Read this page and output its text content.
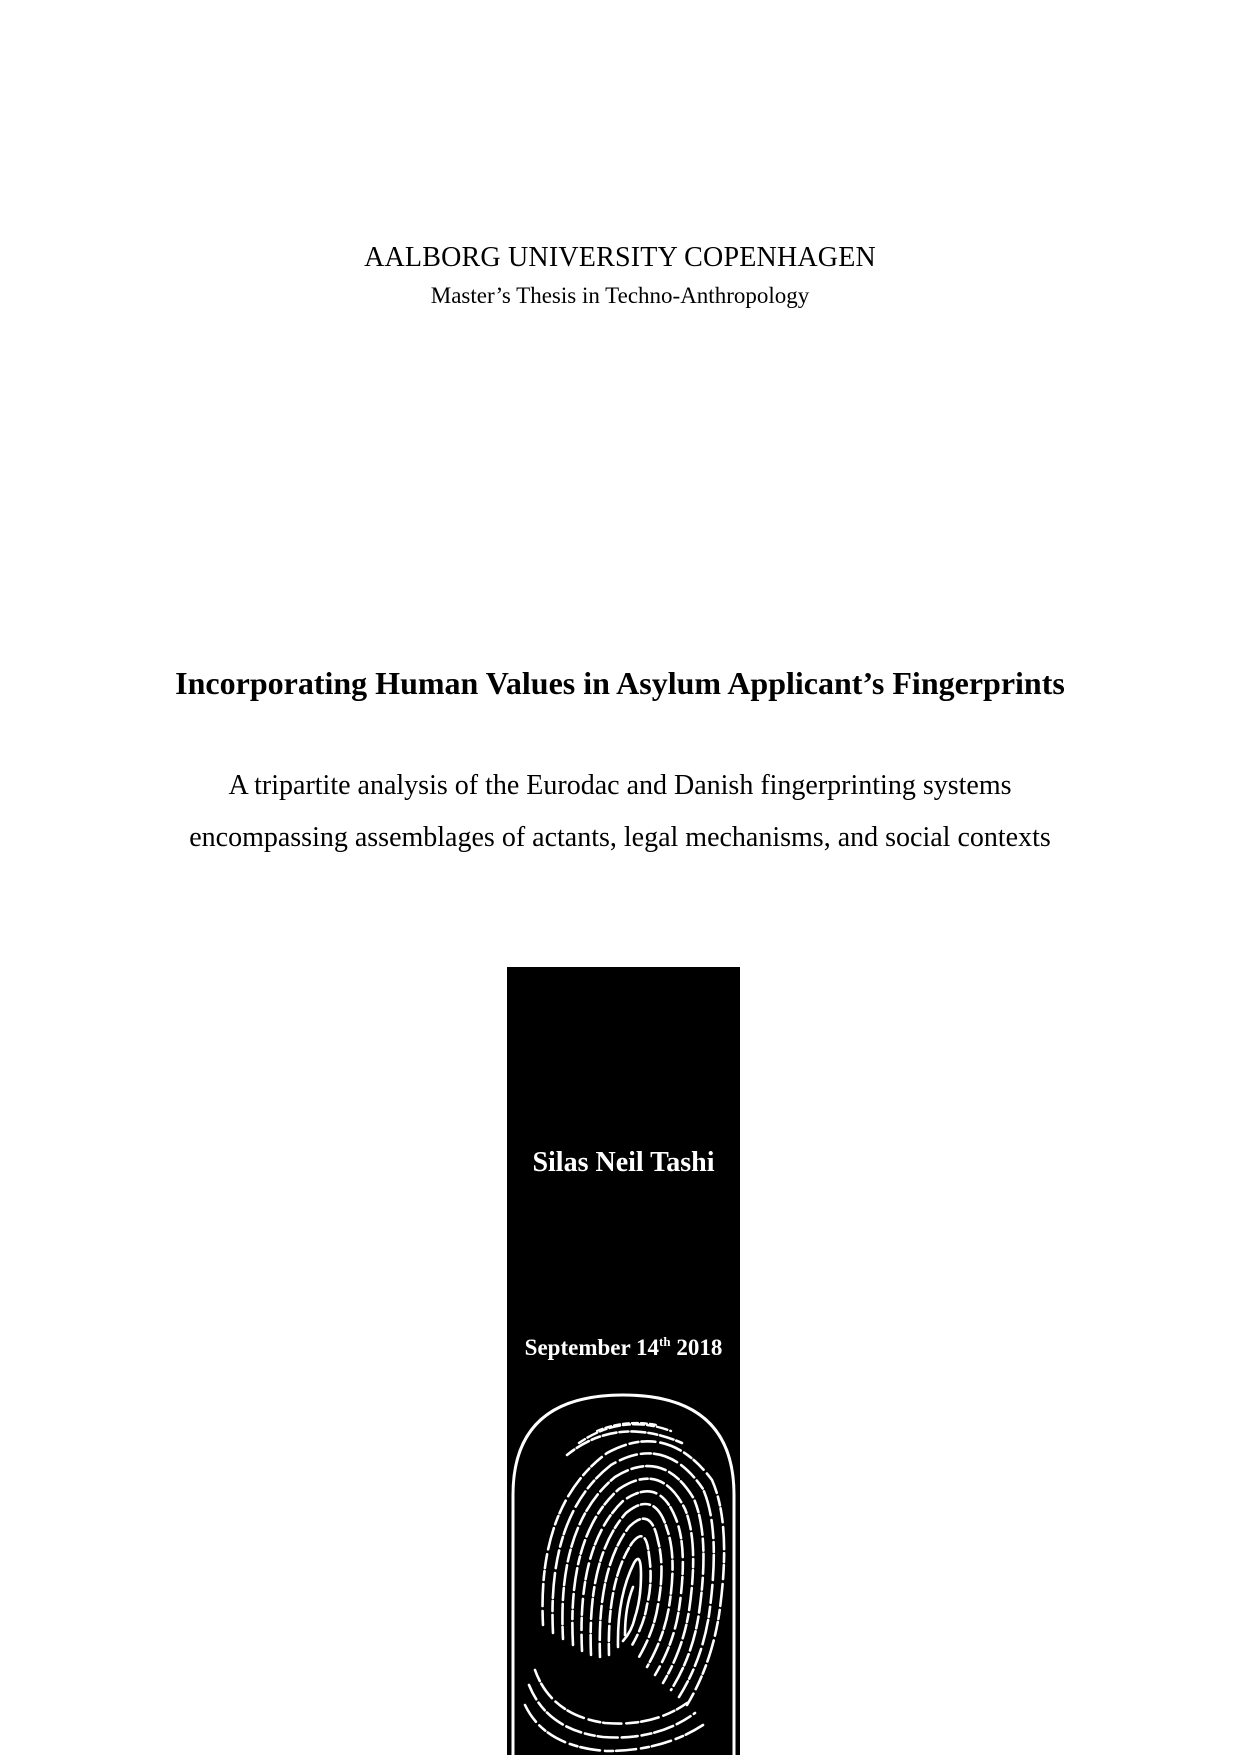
AALBORG UNIVERSITY COPENHAGEN
Master’s Thesis in Techno-Anthropology
Incorporating Human Values in Asylum Applicant’s Fingerprints
A tripartite analysis of the Eurodac and Danish fingerprinting systems
encompassing assemblages of actants, legal mechanisms, and social contexts
Silas Neil Tashi
September 14th 2018
